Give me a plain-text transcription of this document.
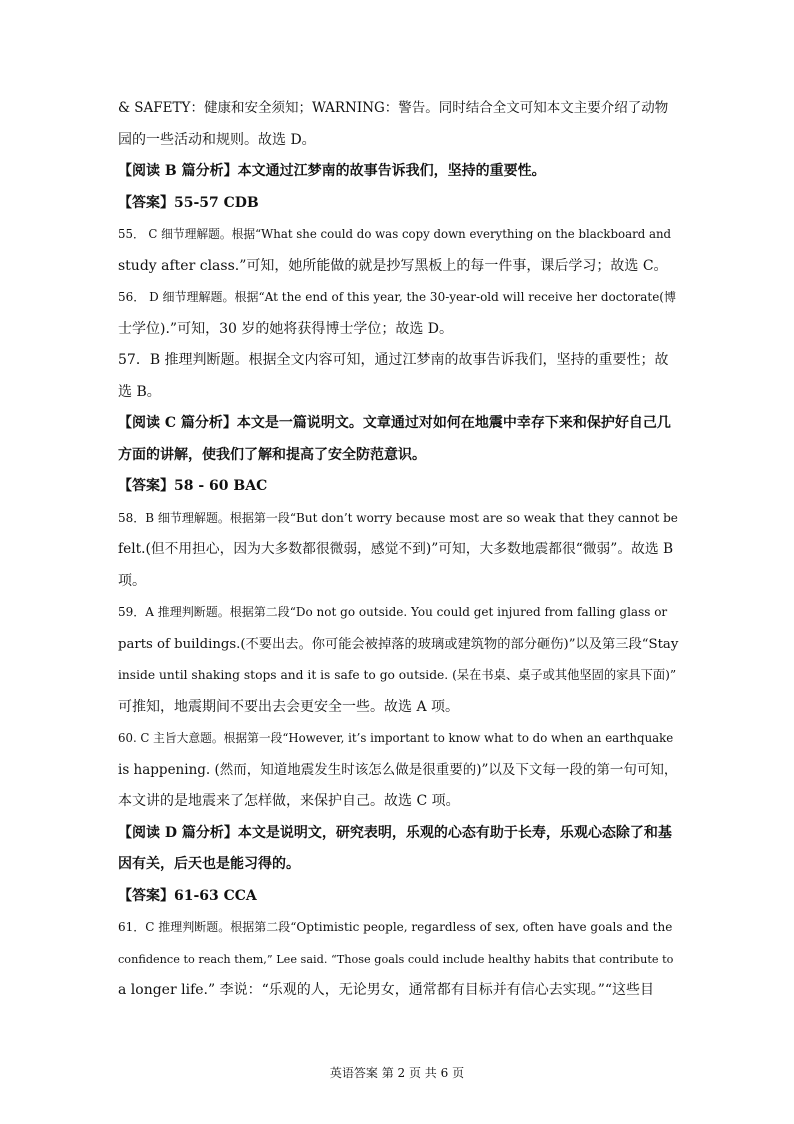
& SAFETY：健康和安全须知；WARNING：警告。同时结合全文可知本文主要介绍了动物

园的一些活动和规则。故选 D。

【阅读 B 篇分析】本文通过江梦南的故事告诉我们，坚持的重要性。

【答案】55-57 CDB

55． C 细节理解题。根据“What she could do was copy down everything on the blackboard and

study after class.”可知，她所能做的就是抄写黑板上的每一件事，课后学习；故选 C。

56． D 细节理解题。根据“At the end of this year, the 30-year-old will receive her doctorate(博

士学位).”可知，30 岁的她将获得博士学位；故选 D。

57．B 推理判断题。根据全文内容可知，通过江梦南的故事告诉我们，坚持的重要性；故

选 B。

【阅读 C 篇分析】本文是一篇说明文。文章通过对如何在地震中幸存下来和保护好自己几

方面的讲解，使我们了解和提高了安全防范意识。

【答案】58 - 60 BAC

58．B 细节理解题。根据第一段“But don’t worry because most are so weak that they cannot be

felt.(但不用担心，因为大多数都很微弱，感觉不到)”可知，大多数地震都很“微弱”。故选 B

项。

59．A 推理判断题。根据第二段“Do not go outside. You could get injured from falling glass or

parts of buildings.(不要出去。你可能会被掉落的玻璃或建筑物的部分砸伤)”以及第三段“Stay

inside until shaking stops and it is safe to go outside. (呆在书桌、桌子或其他坚固的家具下面)”

可推知，地震期间不要出去会更安全一些。故选 A 项。

60. C 主旨大意题。根据第一段“However, it’s important to know what to do when an earthquake

is happening. (然而，知道地震发生时该怎么做是很重要的)”以及下文每一段的第一句可知，

本文讲的是地震来了怎样做，来保护自己。故选 C 项。

【阅读 D 篇分析】本文是说明文，研究表明，乐观的心态有助于长寿，乐观心态除了和基

因有关，后天也是能习得的。

【答案】61-63 CCA

61．C 推理判断题。根据第二段“Optimistic people, regardless of sex, often have goals and the

confidence to reach them,” Lee said. “Those goals could include healthy habits that contribute to

a longer life.” 李说：“乐观的人，无论男女，通常都有目标并有信心去实现。”“这些目

英语答案 第 2 页 共 6 页
